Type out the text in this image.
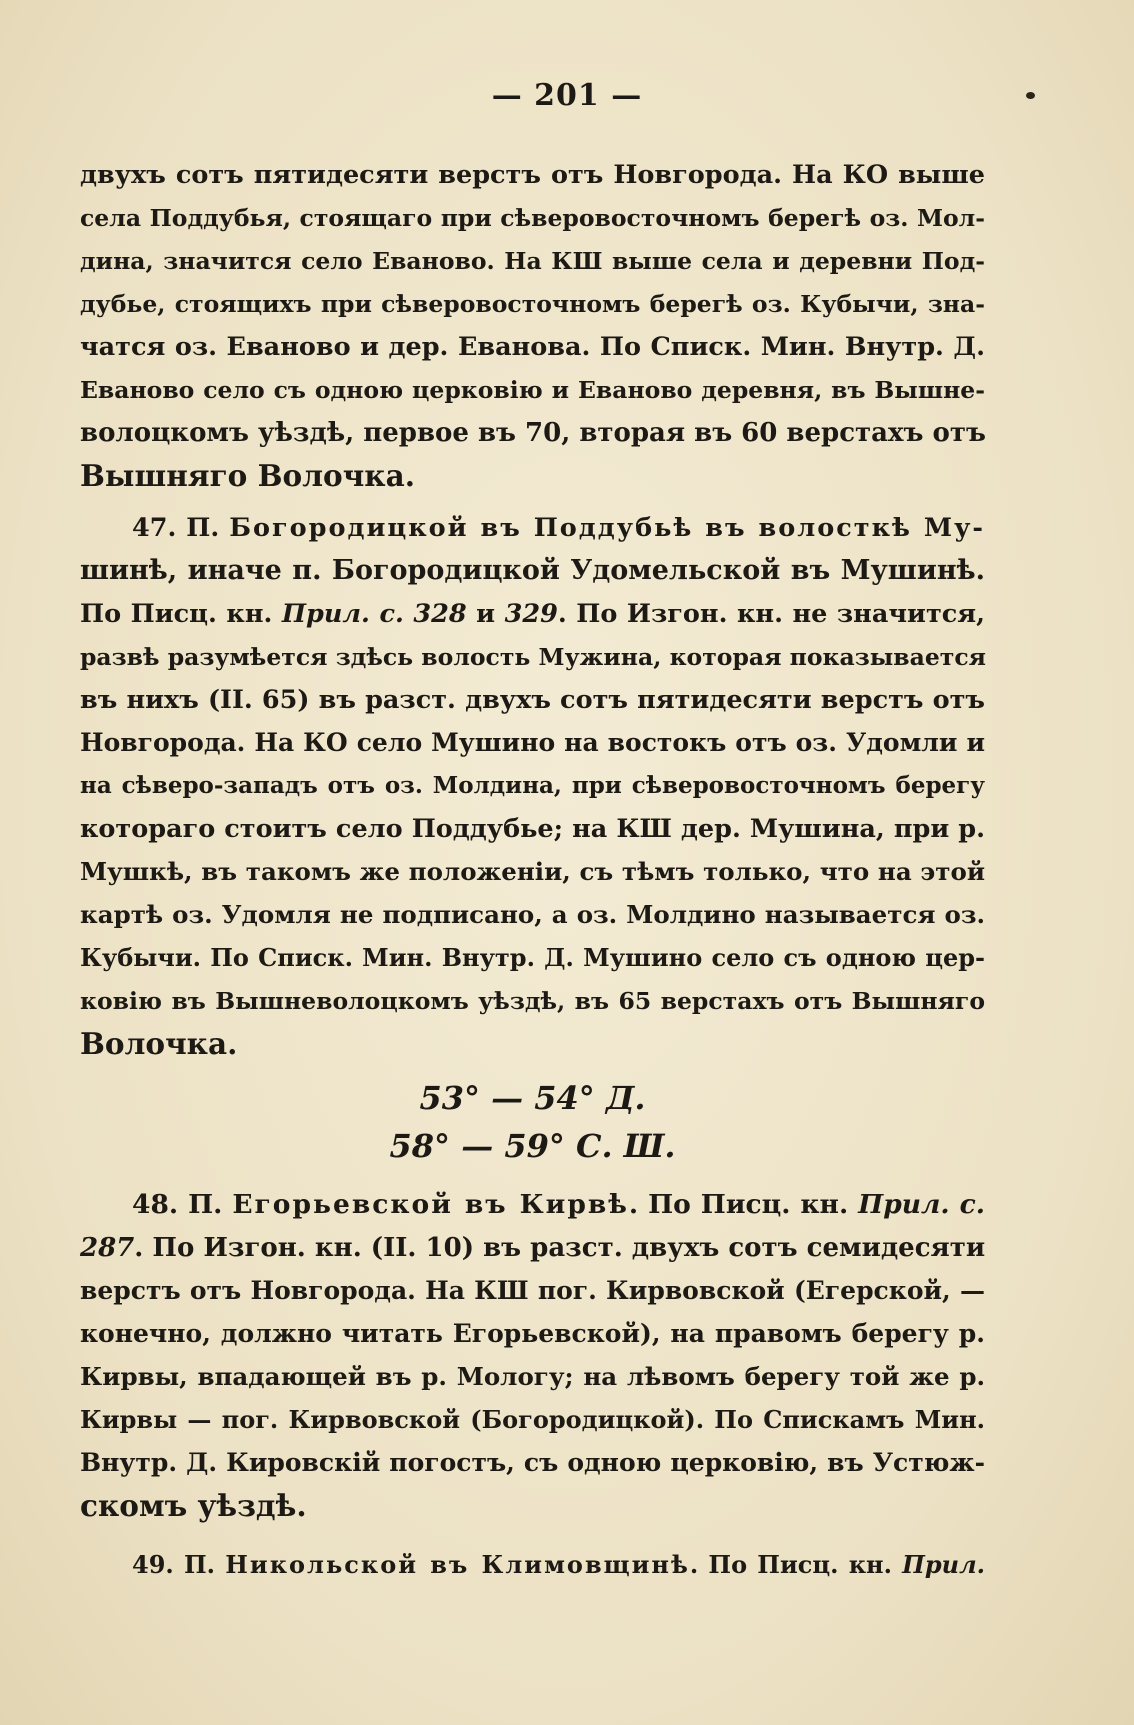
— 201 —
двухъ сотъ пятидесяти верстъ отъ Новгорода. На КО выше
села Поддубья, стоящаго при сѣверовосточномъ берегѣ оз. Мол-
дина, значится село Еваново. На КШ выше села и деревни Под-
дубье, стоящихъ при сѣверовосточномъ берегѣ оз. Кубычи, зна-
чатся оз. Еваново и дер. Еванова. По Списк. Мин. Внутр. Д.
Еваново село съ одною церковію и Еваново деревня, въ Вышне-
волоцкомъ уѣздѣ, первое въ 70, вторая въ 60 верстахъ отъ
Вышняго Волочка.
47. П. Богородицкой въ Поддубьѣ въ волосткѣ Му-
шинѣ, иначе п. Богородицкой Удомельской въ Мушинѣ.
По Писц. кн. Прил. с. 328 и 329. По Изгон. кн. не значится,
развѣ разумѣется здѣсь волость Мужина, которая показывается
въ нихъ (II. 65) въ разст. двухъ сотъ пятидесяти верстъ отъ
Новгорода. На КО село Мушино на востокъ отъ оз. Удомли и
на сѣверо-западъ отъ оз. Молдина, при сѣверовосточномъ берегу
котораго стоитъ село Поддубье; на КШ дер. Мушина, при р.
Мушкѣ, въ такомъ же положеніи, съ тѣмъ только, что на этой
картѣ оз. Удомля не подписано, а оз. Молдино называется оз.
Кубычи. По Списк. Мин. Внутр. Д. Мушино село съ одною цер-
ковію въ Вышневолоцкомъ уѣздѣ, въ 65 верстахъ отъ Вышняго
Волочка.
53° — 54° Д.
58° — 59° С. Ш.
48. П. Егорьевской въ Кирвѣ. По Писц. кн. Прил. с.
287. По Изгон. кн. (II. 10) въ разст. двухъ сотъ семидесяти
верстъ отъ Новгорода. На КШ пог. Кирвовской (Егерской, —
конечно, должно читать Егорьевской), на правомъ берегу р.
Кирвы, впадающей въ р. Мологу; на лѣвомъ берегу той же р.
Кирвы — пог. Кирвовской (Богородицкой). По Спискамъ Мин.
Внутр. Д. Кировскій погостъ, съ одною церковію, въ Устюж-
скомъ уѣздѣ.
49. П. Никольской въ Климовщинѣ. По Писц. кн. Прил.
